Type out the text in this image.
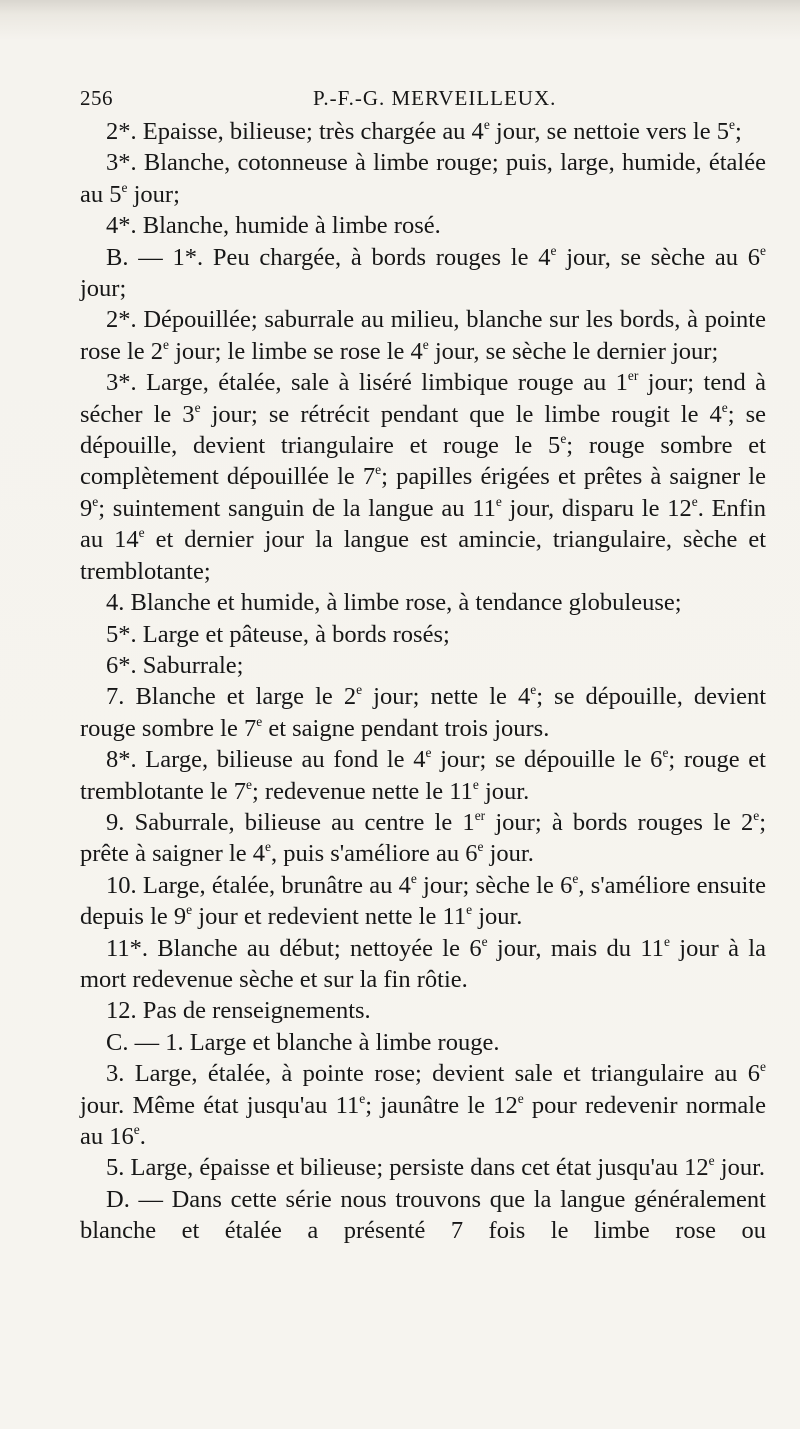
256	P.-F.-G. MERVEILLEUX.

2*. Epaisse, bilieuse; très chargée au 4e jour, se nettoie vers le 5e;

3*. Blanche, cotonneuse à limbe rouge; puis, large, humide, étalée au 5e jour;

4*. Blanche, humide à limbe rosé.

B. — 1*. Peu chargée, à bords rouges le 4e jour, se sèche au 6e jour;

2*. Dépouillée; saburrale au milieu, blanche sur les bords, à pointe rose le 2e jour; le limbe se rose le 4e jour, se sèche le dernier jour;

3*. Large, étalée, sale à liséré limbique rouge au 1er jour; tend à sécher le 3e jour; se rétrécit pendant que le limbe rougit le 4e; se dépouille, devient triangulaire et rouge le 5e; rouge sombre et complètement dépouillée le 7e; papilles érigées et prêtes à saigner le 9e; suintement sanguin de la langue au 11e jour, disparu le 12e. Enfin au 14e et dernier jour la langue est amincie, triangulaire, sèche et tremblotante;

4. Blanche et humide, à limbe rose, à tendance globuleuse;

5*. Large et pâteuse, à bords rosés;

6*. Saburrale;

7. Blanche et large le 2e jour; nette le 4e; se dépouille, devient rouge sombre le 7e et saigne pendant trois jours.

8*. Large, bilieuse au fond le 4e jour; se dépouille le 6e; rouge et tremblotante le 7e; redevenue nette le 11e jour.

9. Saburrale, bilieuse au centre le 1er jour; à bords rouges le 2e; prête à saigner le 4e, puis s'améliore au 6e jour.

10. Large, étalée, brunâtre au 4e jour; sèche le 6e, s'améliore ensuite depuis le 9e jour et redevient nette le 11e jour.

11*. Blanche au début; nettoyée le 6e jour, mais du 11e jour à la mort redevenue sèche et sur la fin rôtie.

12. Pas de renseignements.

C. — 1. Large et blanche à limbe rouge.

3. Large, étalée, à pointe rose; devient sale et triangulaire au 6e jour. Même état jusqu'au 11e; jaunâtre le 12e pour redevenir normale au 16e.

5. Large, épaisse et bilieuse; persiste dans cet état jusqu'au 12e jour.

D. — Dans cette série nous trouvons que la langue généralement blanche et étalée a présenté 7 fois le limbe rose ou
